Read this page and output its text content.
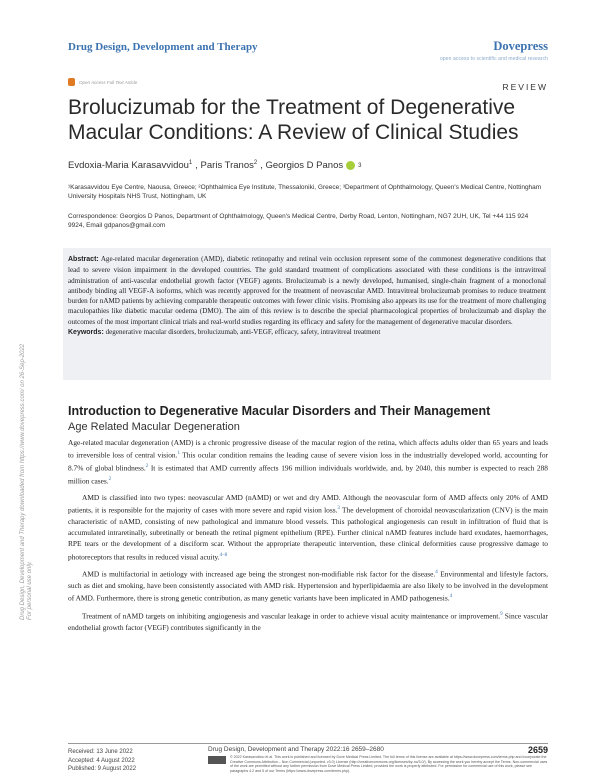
Drug Design, Development and Therapy	Dovepress
open access to scientific and medical research
Open Access Full Text Article
Drug Design, Development and Therapy downloaded from https://www.dovepress.com/ on 26-Sep-2022 For personal use only.
REVIEW
Brolucizumab for the Treatment of Degenerative Macular Conditions: A Review of Clinical Studies
Evdoxia-Maria Karasavvidou$^1$ , Paris Tranos$^2$ , Georgios D Panos	3
¹Karasavvidou Eye Centre, Naousa, Greece; ²Ophthalmica Eye Institute, Thessaloniki, Greece; ³Department of Ophthalmology, Queen's Medical Centre, Nottingham University Hospitals NHS Trust, Nottingham, UK
Correspondence: Georgios D Panos, Department of Ophthalmology, Queen's Medical Centre, Derby Road, Lenton, Nottingham, NG7 2UH, UK, Tel +44 115 924 9924, Email gdpanos@gmail.com
Abstract: Age-related macular degeneration (AMD), diabetic retinopathy and retinal vein occlusion represent some of the commonest degenerative conditions that lead to severe vision impairment in the developed countries. The gold standard treatment of complications associated with these conditions is the intravitreal administration of anti-vascular endothelial growth factor (VEGF) agents. Brolucizumab is a newly developed, humanised, single-chain fragment of a monoclonal antibody binding all VEGF-A isoforms, which was recently approved for the treatment of neovascular AMD. Intravitreal brolucizumab promises to reduce treatment burden for nAMD patients by achieving comparable therapeutic outcomes with fewer clinic visits. Promising also appears its use for the treatment of more challenging maculopathies like diabetic macular oedema (DMO). The aim of this review is to describe the special pharmacological properties of brolucizumab and display the outcomes of the most important clinical trials and real-world studies regarding its efficacy and safety for the management of degenerative macular disorders.
Keywords: degenerative macular disorders, brolucizumab, anti-VEGF, efficacy, safety, intravitreal treatment
Introduction to Degenerative Macular Disorders and Their Management
Age Related Macular Degeneration

Age-related macular degeneration (AMD) is a chronic progressive disease of the macular region of the retina, which affects adults older than 65 years and leads to irreversible loss of central vision.$^1$ This ocular condition remains the leading cause of severe vision loss in the industrially developed world, accounting for 8.7% of global blindness.$^2$ It is estimated that AMD currently affects 196 million individuals worldwide, and, by 2040, this number is expected to reach 288 million cases.$^2$

AMD is classified into two types: neovascular AMD (nAMD) or wet and dry AMD. Although the neovascular form of AMD affects only 20% of AMD patients, it is responsible for the majority of cases with more severe and rapid vision loss.$^3$ The development of choroidal neovascularization (CNV) is the main characteristic of nAMD, consisting of new pathological and immature blood vessels. This pathological angiogenesis can result in infiltration of fluid that is accumulated intraretinally, subretinally or beneath the retinal pigment epithelium (RPE). Further clinical nAMD features include hard exudates, haemorrhages, RPE tears or the development of a disciform scar. Without the appropriate therapeutic intervention, these clinical deformities cause progressive damage to photoreceptors that results in reduced visual acuity.$^{4-8}$

AMD is multifactorial in aetiology with increased age being the strongest non-modifiable risk factor for the disease.$^4$ Environmental and lifestyle factors, such as diet and smoking, have been consistently associated with AMD risk. Hypertension and hyperlipidaemia are also likely to be involved in the development of AMD. Furthermore, there is strong genetic contribution, as many genetic variants have been implicated in AMD pathogenesis.$^4$

Treatment of nAMD targets on inhibiting angiogenesis and vascular leakage in order to achieve visual acuity maintenance or improvement.$^9$ Since vascular endothelial growth factor (VEGF) contributes significantly in the

Received: 13 June 2022
Accepted: 4 August 2022
Published: 9 August 2022
Drug Design, Development and Therapy 2022:16 2659–2680	2659
© 2022 Karasavvidou et al. This work is published and licensed by Dove Medical Press Limited. The full terms of this license are available at https://www.dovepress.com/terms.php and incorporate the Creative Commons Attribution – Non Commercial (unported, v3.0) License (http://creativecommons.org/licenses/by-nc/3.0/). By accessing the work you hereby accept the Terms. Non-commercial uses of the work are permitted without any further permission from Dove Medical Press Limited, provided the work is properly attributed. For permission for commercial use of this work, please see paragraphs 4.2 and 5 of our Terms (https://www.dovepress.com/terms.php).
